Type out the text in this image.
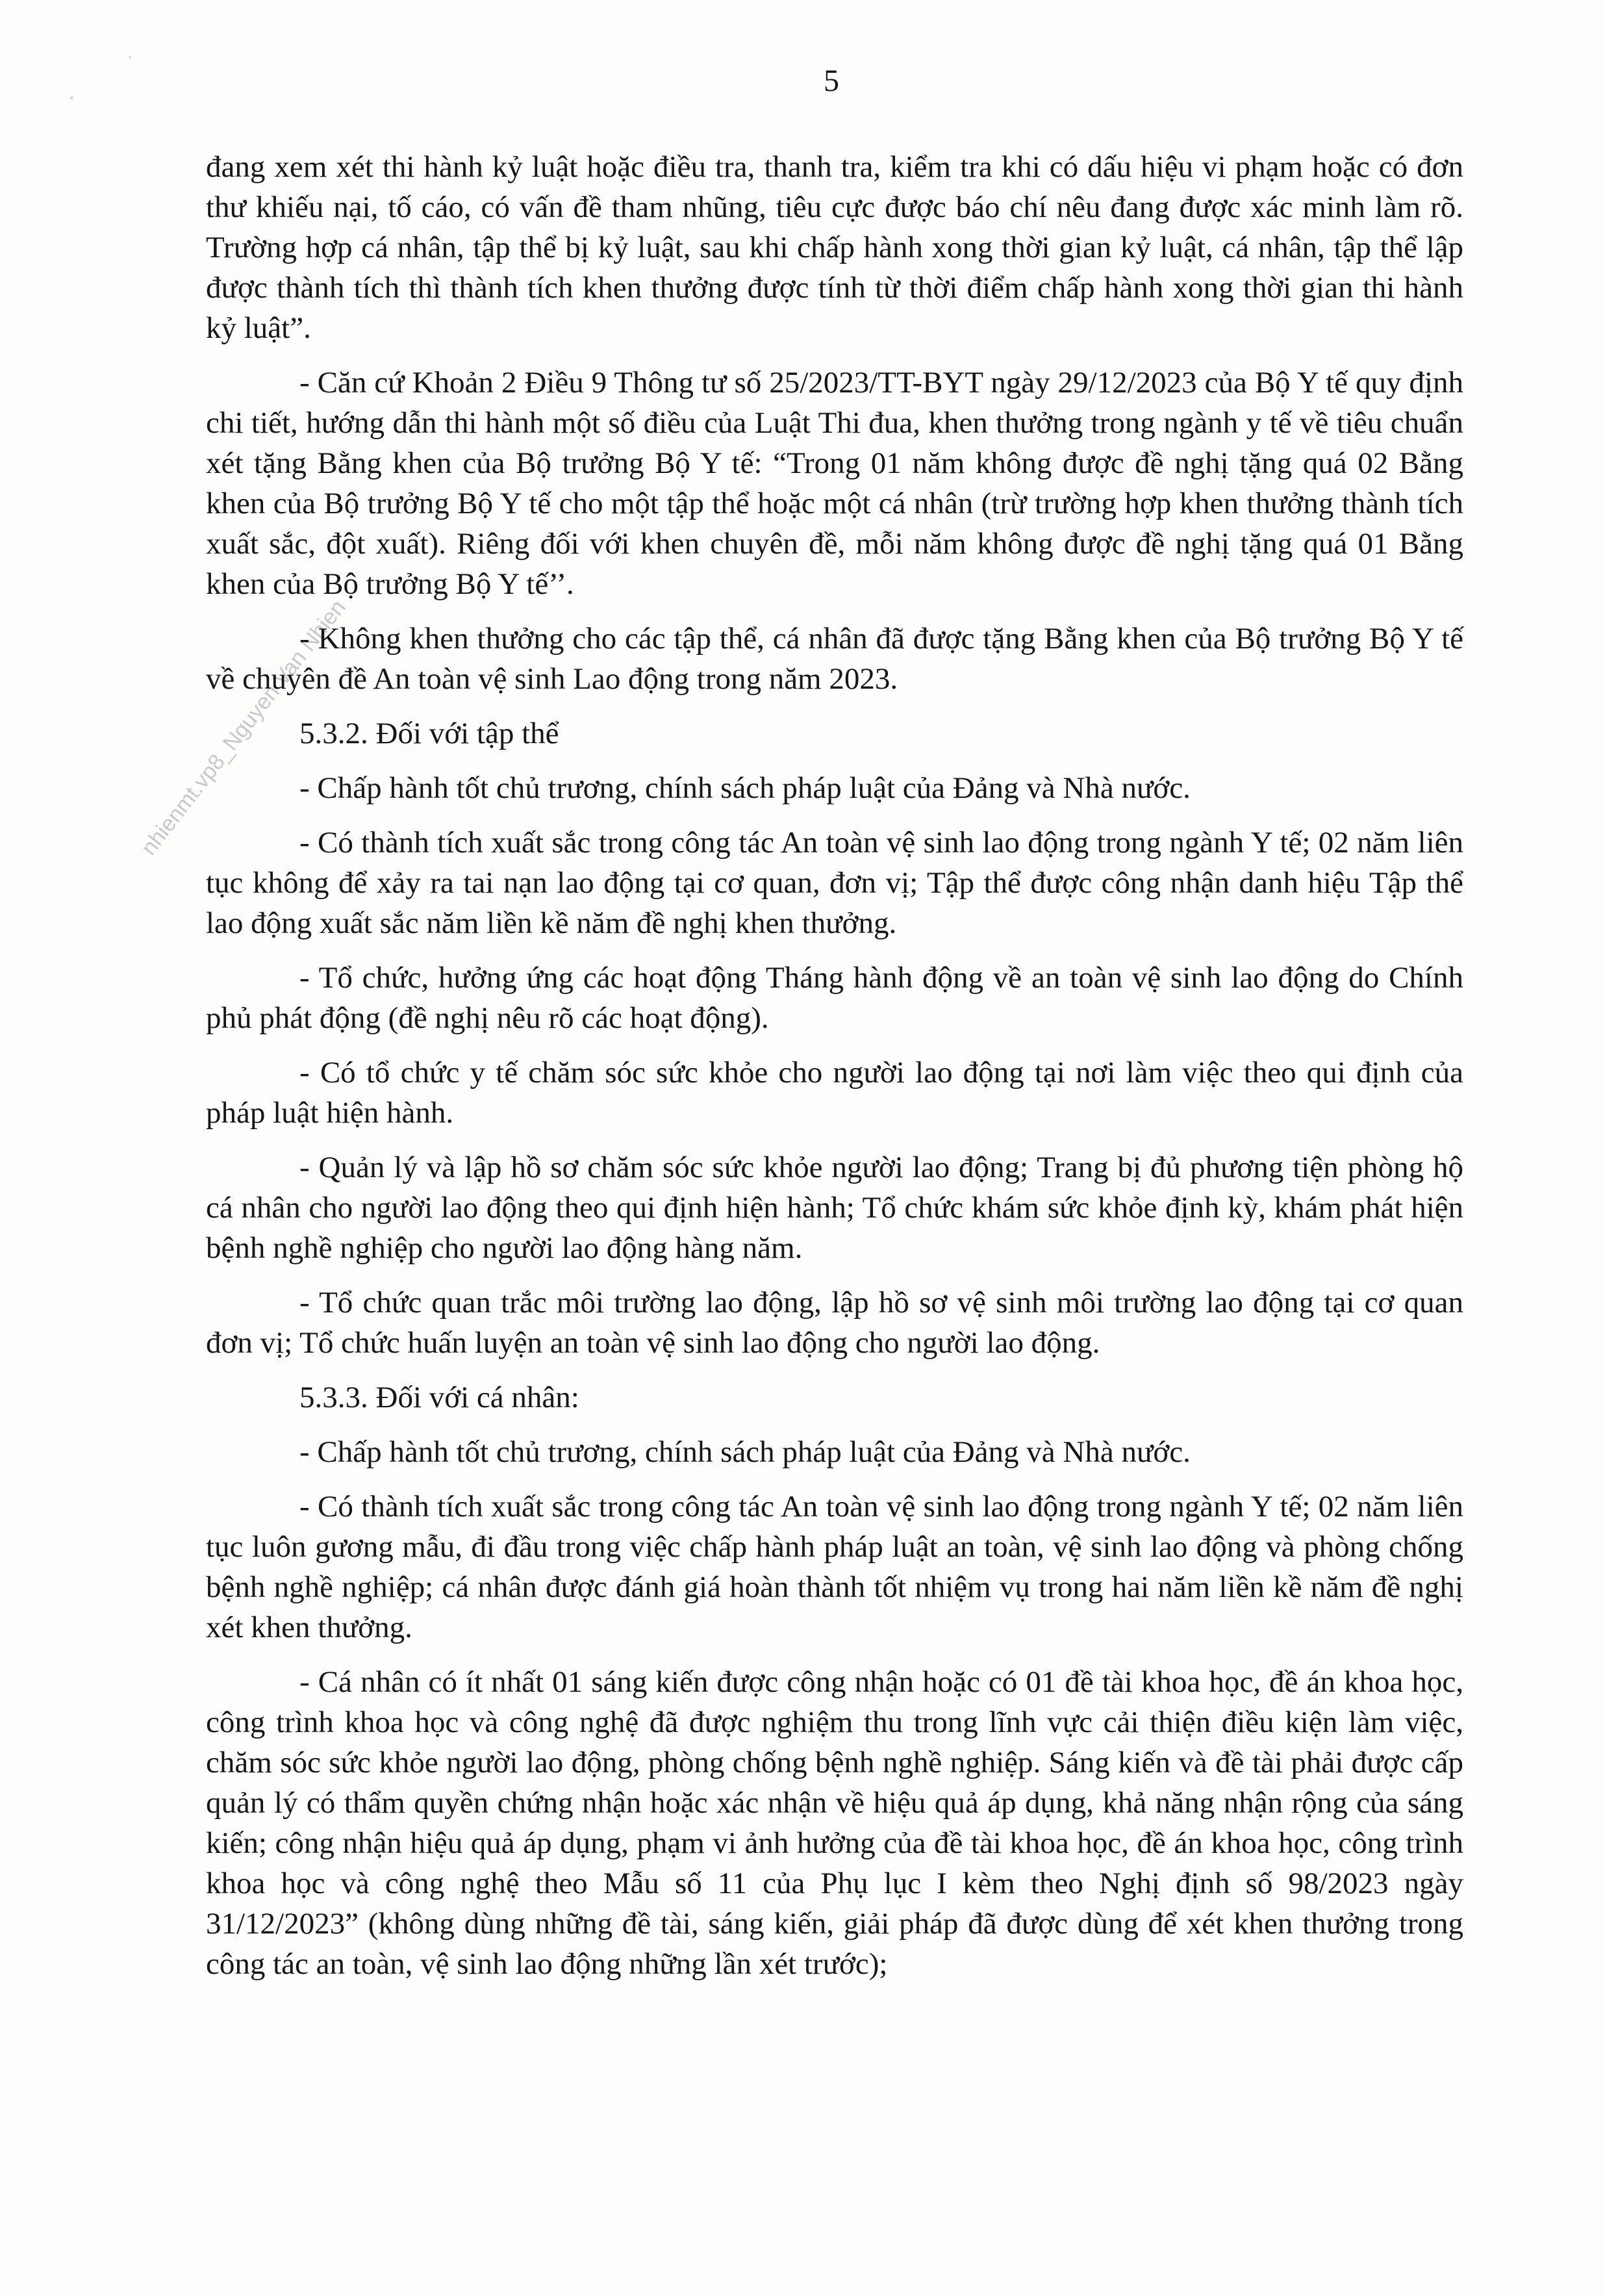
5
nhienmt.vp8_Nguyen Van Nhien

đang xem xét thi hành kỷ luật hoặc điều tra, thanh tra, kiểm tra khi có dấu hiệu vi phạm hoặc có đơn thư khiếu nại, tố cáo, có vấn đề tham nhũng, tiêu cực được báo chí nêu đang được xác minh làm rõ. Trường hợp cá nhân, tập thể bị kỷ luật, sau khi chấp hành xong thời gian kỷ luật, cá nhân, tập thể lập được thành tích thì thành tích khen thưởng được tính từ thời điểm chấp hành xong thời gian thi hành kỷ luật”.

- Căn cứ Khoản 2 Điều 9 Thông tư số 25/2023/TT-BYT ngày 29/12/2023 của Bộ Y tế quy định chi tiết, hướng dẫn thi hành một số điều của Luật Thi đua, khen thưởng trong ngành y tế về tiêu chuẩn xét tặng Bằng khen của Bộ trưởng Bộ Y tế: “Trong 01 năm không được đề nghị tặng quá 02 Bằng khen của Bộ trưởng Bộ Y tế cho một tập thể hoặc một cá nhân (trừ trường hợp khen thưởng thành tích xuất sắc, đột xuất). Riêng đối với khen chuyên đề, mỗi năm không được đề nghị tặng quá 01 Bằng khen của Bộ trưởng Bộ Y tế’’.

- Không khen thưởng cho các tập thể, cá nhân đã được tặng Bằng khen của Bộ trưởng Bộ Y tế về chuyên đề An toàn vệ sinh Lao động trong năm 2023.

5.3.2. Đối với tập thể

- Chấp hành tốt chủ trương, chính sách pháp luật của Đảng và Nhà nước.

- Có thành tích xuất sắc trong công tác An toàn vệ sinh lao động trong ngành Y tế; 02 năm liên tục không để xảy ra tai nạn lao động tại cơ quan, đơn vị; Tập thể được công nhận danh hiệu Tập thể lao động xuất sắc năm liền kề năm đề nghị khen thưởng.

- Tổ chức, hưởng ứng các hoạt động Tháng hành động về an toàn vệ sinh lao động do Chính phủ phát động (đề nghị nêu rõ các hoạt động).

- Có tổ chức y tế chăm sóc sức khỏe cho người lao động tại nơi làm việc theo qui định của pháp luật hiện hành.

- Quản lý và lập hồ sơ chăm sóc sức khỏe người lao động; Trang bị đủ phương tiện phòng hộ cá nhân cho người lao động theo qui định hiện hành; Tổ chức khám sức khỏe định kỳ, khám phát hiện bệnh nghề nghiệp cho người lao động hàng năm.

- Tổ chức quan trắc môi trường lao động, lập hồ sơ vệ sinh môi trường lao động tại cơ quan đơn vị; Tổ chức huấn luyện an toàn vệ sinh lao động cho người lao động.

5.3.3. Đối với cá nhân:

- Chấp hành tốt chủ trương, chính sách pháp luật của Đảng và Nhà nước.

- Có thành tích xuất sắc trong công tác An toàn vệ sinh lao động trong ngành Y tế; 02 năm liên tục luôn gương mẫu, đi đầu trong việc chấp hành pháp luật an toàn, vệ sinh lao động và phòng chống bệnh nghề nghiệp; cá nhân được đánh giá hoàn thành tốt nhiệm vụ trong hai năm liền kề năm đề nghị xét khen thưởng.

- Cá nhân có ít nhất 01 sáng kiến được công nhận hoặc có 01 đề tài khoa học, đề án khoa học, công trình khoa học và công nghệ đã được nghiệm thu trong lĩnh vực cải thiện điều kiện làm việc, chăm sóc sức khỏe người lao động, phòng chống bệnh nghề nghiệp. Sáng kiến và đề tài phải được cấp quản lý có thẩm quyền chứng nhận hoặc xác nhận về hiệu quả áp dụng, khả năng nhận rộng của sáng kiến; công nhận hiệu quả áp dụng, phạm vi ảnh hưởng của đề tài khoa học, đề án khoa học, công trình khoa học và công nghệ theo Mẫu số 11 của Phụ lục I kèm theo Nghị định số 98/2023 ngày 31/12/2023” (không dùng những đề tài, sáng kiến, giải pháp đã được dùng để xét khen thưởng trong công tác an toàn, vệ sinh lao động những lần xét trước);
